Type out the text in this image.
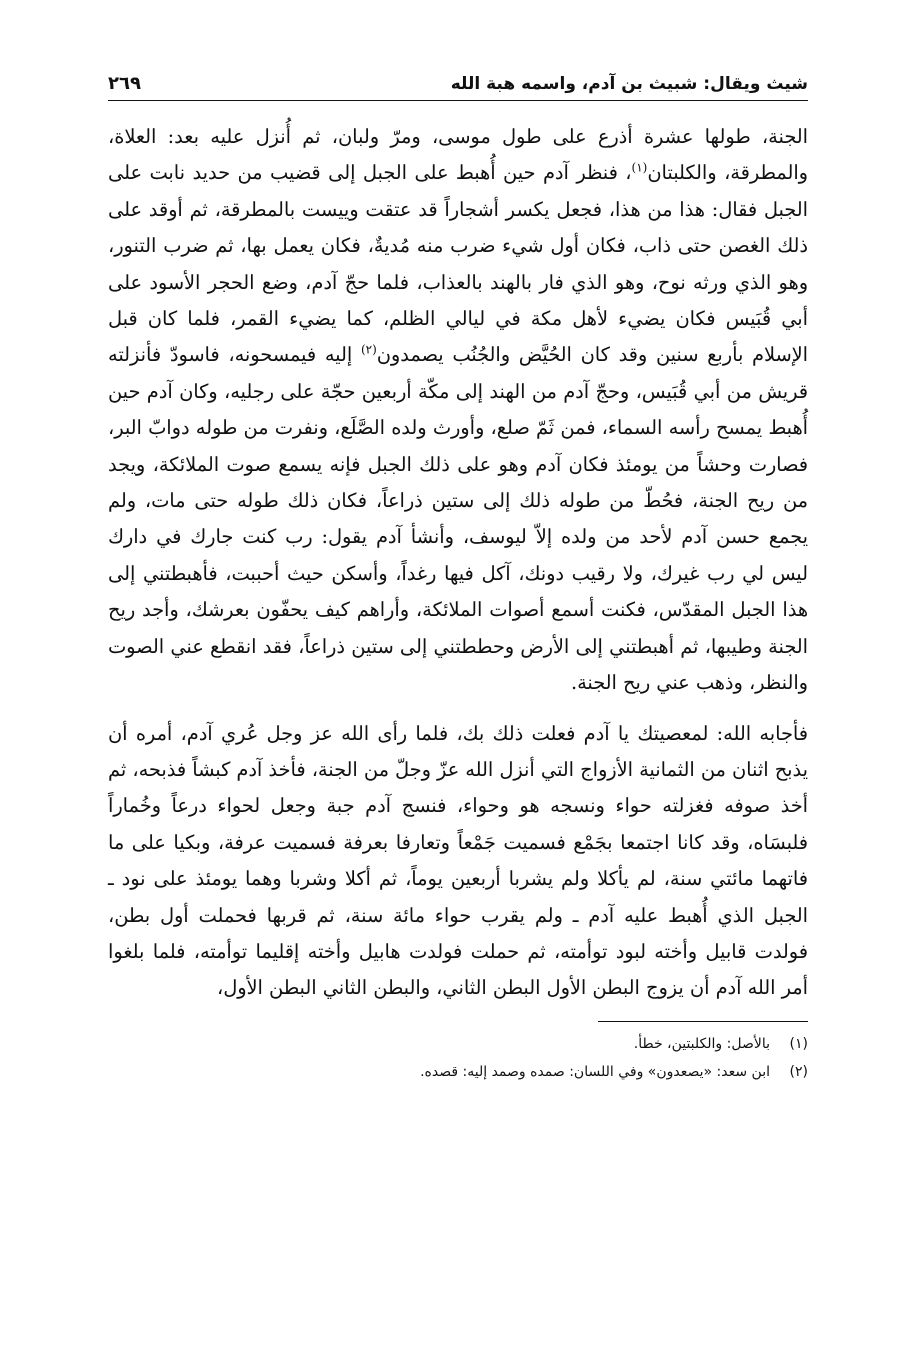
شيث ويقال: شبيث بن آدم، واسمه هبة الله
٢٦٩

الجنة، طولها عشرة أذرع على طول موسى، ومرّ ولبان، ثم أُنزل عليه بعد: العلاة، والمطرقة، والكلبتان$^{(١)}$، فنظر آدم حين أُهبط على الجبل إلى قضيب من حديد نابت على الجبل فقال: هذا من هذا، فجعل يكسر أشجاراً قد عتقت وييست بالمطرقة، ثم أوقد على ذلك الغصن حتى ذاب، فكان أول شيء ضرب منه مُديةٌ، فكان يعمل بها، ثم ضرب التنور، وهو الذي ورثه نوح، وهو الذي فار بالهند بالعذاب، فلما حجّ آدم، وضع الحجر الأسود على أبي قُبَيس فكان يضيء لأهل مكة في ليالي الظلم، كما يضيء القمر، فلما كان قبل الإسلام بأربع سنين وقد كان الحُيَّض والجُنُب يصمدون$^{(٢)}$ إليه فيمسحونه، فاسودّ فأنزلته قريش من أبي قُبَيس، وحجّ آدم من الهند إلى مكّة أربعين حجّة على رجليه، وكان آدم حين أُهبط يمسح رأسه السماء، فمن ثَمّ صلع، وأورث ولده الصَّلَع، ونفرت من طوله دوابّ البر، فصارت وحشاً من يومئذ فكان آدم وهو على ذلك الجبل فإنه يسمع صوت الملائكة، ويجد من ريح الجنة، فحُطّ من طوله ذلك إلى ستين ذراعاً، فكان ذلك طوله حتى مات، ولم يجمع حسن آدم لأحد من ولده إلاّ ليوسف، وأنشأ آدم يقول: رب كنت جارك في دارك ليس لي رب غيرك، ولا رقيب دونك، آكل فيها رغداً، وأسكن حيث أحببت، فأهبطتني إلى هذا الجبل المقدّس، فكنت أسمع أصوات الملائكة، وأراهم كيف يحفّون بعرشك، وأجد ريح الجنة وطيبها، ثم أهبطتني إلى الأرض وحططتني إلى ستين ذراعاً، فقد انقطع عني الصوت والنظر، وذهب عني ريح الجنة.

فأجابه الله: لمعصيتك يا آدم فعلت ذلك بك، فلما رأى الله عز وجل عُري آدم، أمره أن يذبح اثنان من الثمانية الأزواج التي أنزل الله عزّ وجلّ من الجنة، فأخذ آدم كبشاً فذبحه، ثم أخذ صوفه فغزلته حواء ونسجه هو وحواء، فنسج آدم جبة وجعل لحواء درعاً وخُماراً فلبسَاه، وقد كانا اجتمعا بجَمْع فسميت جَمْعاً وتعارفا بعرفة فسميت عرفة، وبكيا على ما فاتهما مائتي سنة، لم يأكلا ولم يشربا أربعين يوماً، ثم أكلا وشربا وهما يومئذ على نود ـ الجبل الذي أُهبط عليه آدم ـ ولم يقرب حواء مائة سنة، ثم قربها فحملت أول بطن، فولدت قابيل وأخته لبود توأمته، ثم حملت فولدت هابيل وأخته إقليما توأمته، فلما بلغوا أمر الله آدم أن يزوج البطن الأول البطن الثاني، والبطن الثاني البطن الأول،

(١)
بالأصل: والكلبتين، خطأ.
(٢)
ابن سعد: «يصعدون» وفي اللسان: صمده وصمد إليه: قصده.
